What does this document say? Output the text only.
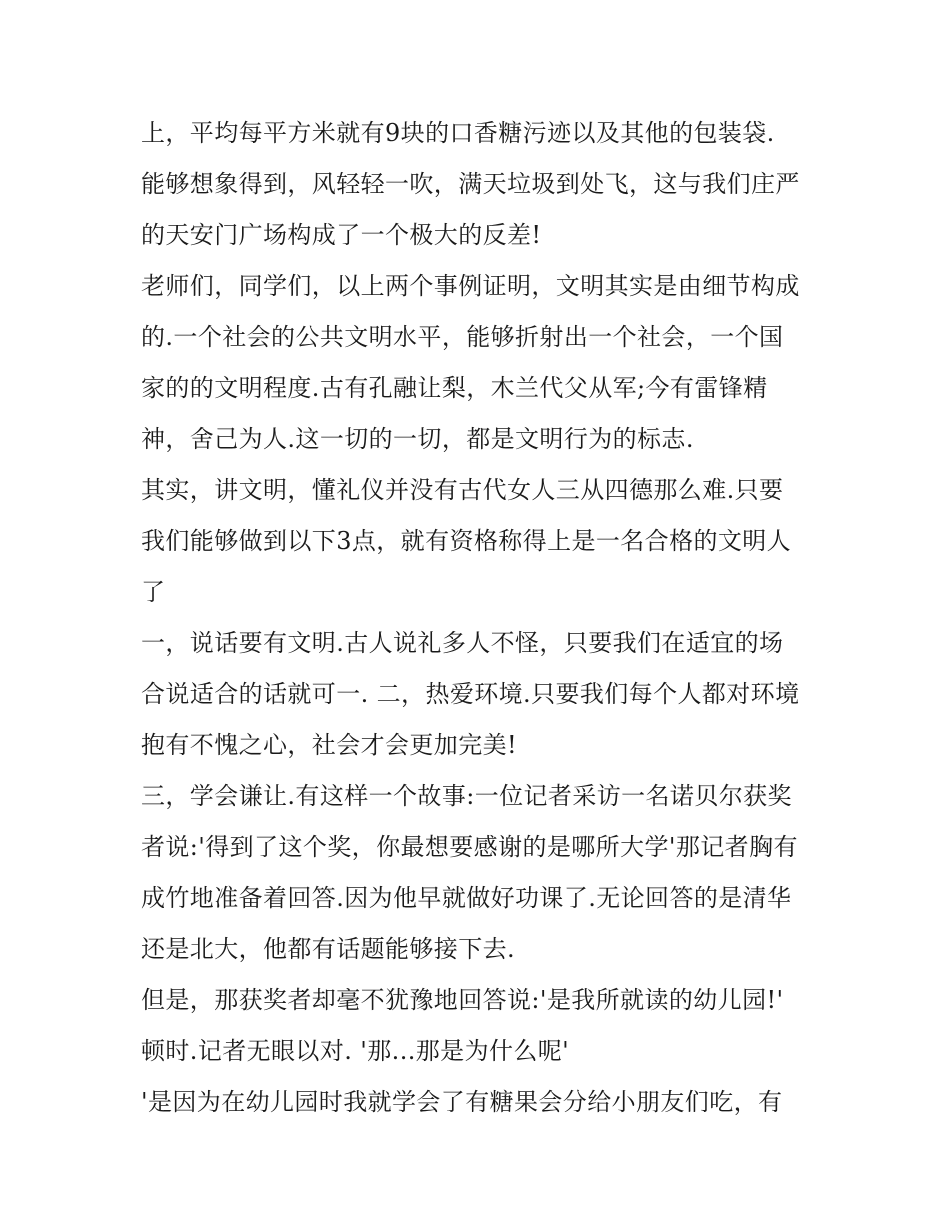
上，平均每平方米就有9块的口香糖污迹以及其他的包装袋.
能够想象得到，风轻轻一吹，满天垃圾到处飞，这与我们庄严
的天安门广场构成了一个极大的反差!
老师们，同学们，以上两个事例证明，文明其实是由细节构成
的.一个社会的公共文明水平，能够折射出一个社会，一个国
家的的文明程度.古有孔融让梨，木兰代父从军;今有雷锋精
神，舍己为人.这一切的一切，都是文明行为的标志.
其实，讲文明，懂礼仪并没有古代女人三从四德那么难.只要
我们能够做到以下3点，就有资格称得上是一名合格的文明人
了
一，说话要有文明.古人说礼多人不怪，只要我们在适宜的场
合说适合的话就可一. 二，热爱环境.只要我们每个人都对环境
抱有不愧之心，社会才会更加完美!
三，学会谦让.有这样一个故事:一位记者采访一名诺贝尔获奖
者说:'得到了这个奖，你最想要感谢的是哪所大学'那记者胸有
成竹地准备着回答.因为他早就做好功课了.无论回答的是清华
还是北大，他都有话题能够接下去.
但是，那获奖者却毫不犹豫地回答说:'是我所就读的幼儿园!'
顿时.记者无眼以对. '那...那是为什么呢'
'是因为在幼儿园时我就学会了有糖果会分给小朋友们吃，有
